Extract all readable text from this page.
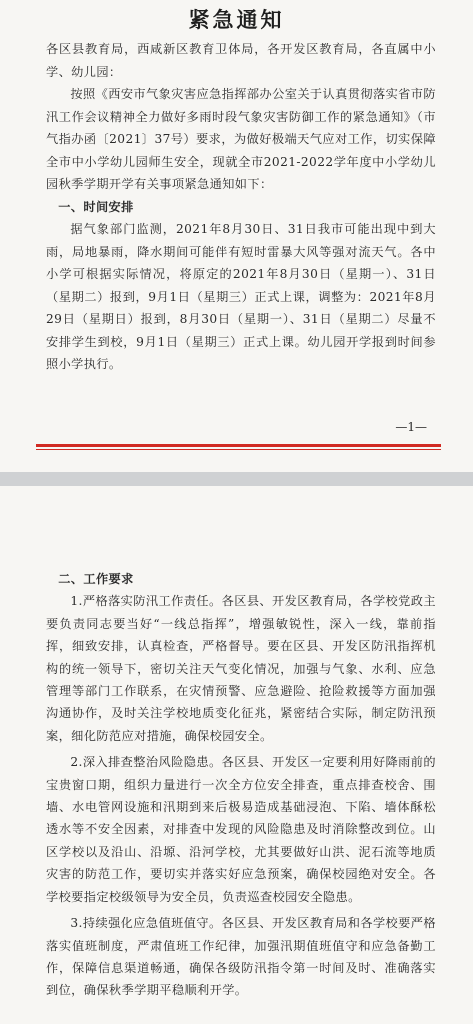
紧急通知

各区县教育局，西咸新区教育卫体局，各开发区教育局，各直属中小学、幼儿园：

按照《西安市气象灾害应急指挥部办公室关于认真贯彻落实省市防汛工作会议精神全力做好多雨时段气象灾害防御工作的紧急通知》（市气指办函〔2021〕37号）要求，为做好极端天气应对工作，切实保障全市中小学幼儿园师生安全，现就全市2021-2022学年度中小学幼儿园秋季学期开学有关事项紧急通知如下：

一、时间安排

据气象部门监测，2021年8月30日、31日我市可能出现中到大雨，局地暴雨，降水期间可能伴有短时雷暴大风等强对流天气。各中小学可根据实际情况，将原定的2021年8月30日（星期一）、31日（星期二）报到，9月1日（星期三）正式上课，调整为：2021年8月29日（星期日）报到，8月30日（星期一）、31日（星期二）尽量不安排学生到校，9月1日（星期三）正式上课。幼儿园开学报到时间参照小学执行。

—1—

二、工作要求

1.严格落实防汛工作责任。各区县、开发区教育局，各学校党政主要负责同志要当好“一线总指挥”，增强敏锐性，深入一线，靠前指挥，细致安排，认真检查，严格督导。要在区县、开发区防汛指挥机构的统一领导下，密切关注天气变化情况，加强与气象、水利、应急管理等部门工作联系，在灾情预警、应急避险、抢险救援等方面加强沟通协作，及时关注学校地质变化征兆，紧密结合实际，制定防汛预案，细化防范应对措施，确保校园安全。

2.深入排查整治风险隐患。各区县、开发区一定要利用好降雨前的宝贵窗口期，组织力量进行一次全方位安全排查，重点排查校舍、围墙、水电管网设施和汛期到来后极易造成基础浸泡、下陷、墙体酥松透水等不安全因素，对排查中发现的风险隐患及时消除整改到位。山区学校以及沿山、沿塬、沿河学校，尤其要做好山洪、泥石流等地质灾害的防范工作，要切实并落实好应急预案，确保校园绝对安全。各学校要指定校级领导为安全员，负责巡查校园安全隐患。

3.持续强化应急值班值守。各区县、开发区教育局和各学校要严格落实值班制度，严肃值班工作纪律，加强汛期值班值守和应急备勤工作，保障信息渠道畅通，确保各级防汛指令第一时间及时、准确落实到位，确保秋季学期平稳顺利开学。
